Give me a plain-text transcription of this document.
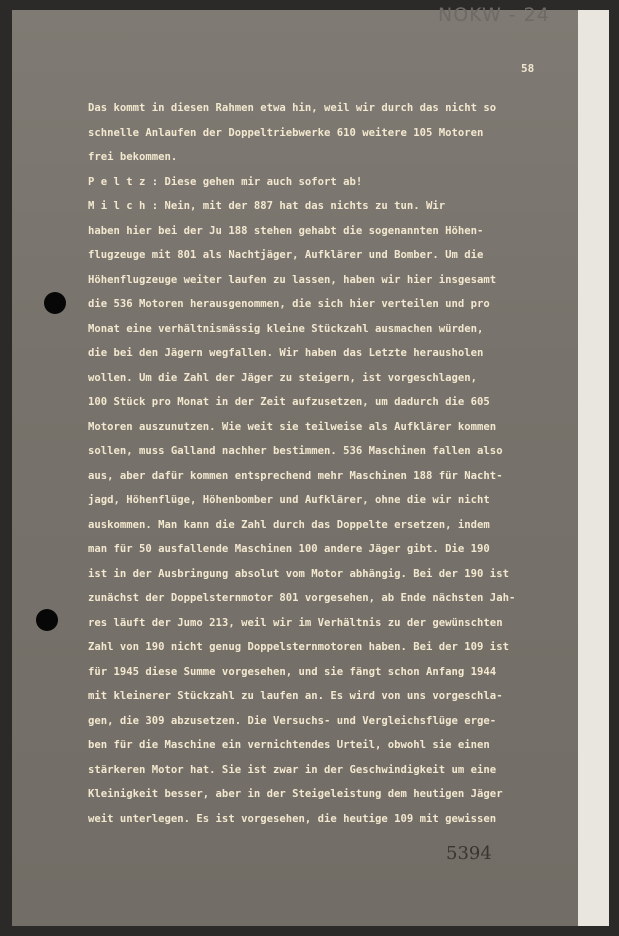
NOKW - 24
58
Das kommt in diesen Rahmen etwa hin, weil wir durch das nicht so
schnelle Anlaufen der Doppeltriebwerke 610 weitere 105 Motoren
frei bekommen.
P e l t z : Diese gehen mir auch sofort ab!
M i l c h : Nein, mit der 887 hat das nichts zu tun. Wir
haben hier bei der Ju 188 stehen gehabt die sogenannten Höhen-
flugzeuge mit 801 als Nachtjäger, Aufklärer und Bomber. Um die
Höhenflugzeuge weiter laufen zu lassen, haben wir hier insgesamt
die 536 Motoren herausgenommen, die sich hier verteilen und pro
Monat eine verhältnismässig kleine Stückzahl ausmachen würden,
die bei den Jägern wegfallen. Wir haben das Letzte herausholen
wollen. Um die Zahl der Jäger zu steigern, ist vorgeschlagen,
100 Stück pro Monat in der Zeit aufzusetzen, um dadurch die 605
Motoren auszunutzen. Wie weit sie teilweise als Aufklärer kommen
sollen, muss Galland nachher bestimmen. 536 Maschinen fallen also
aus, aber dafür kommen entsprechend mehr Maschinen 188 für Nacht-
jagd, Höhenflüge, Höhenbomber und Aufklärer, ohne die wir nicht
auskommen. Man kann die Zahl durch das Doppelte ersetzen, indem
man für 50 ausfallende Maschinen 100 andere Jäger gibt. Die 190
ist in der Ausbringung absolut vom Motor abhängig. Bei der 190 ist
zunächst der Doppelsternmotor 801 vorgesehen, ab Ende nächsten Jah-
res läuft der Jumo 213, weil wir im Verhältnis zu der gewünschten
Zahl von 190 nicht genug Doppelsternmotoren haben. Bei der 109 ist
für 1945 diese Summe vorgesehen, und sie fängt schon Anfang 1944
mit kleinerer Stückzahl zu laufen an. Es wird von uns vorgeschla-
gen, die 309 abzusetzen. Die Versuchs- und Vergleichsflüge erge-
ben für die Maschine ein vernichtendes Urteil, obwohl sie einen
stärkeren Motor hat. Sie ist zwar in der Geschwindigkeit um eine
Kleinigkeit besser, aber in der Steigeleistung dem heutigen Jäger
weit unterlegen. Es ist vorgesehen, die heutige 109 mit gewissen
5394
